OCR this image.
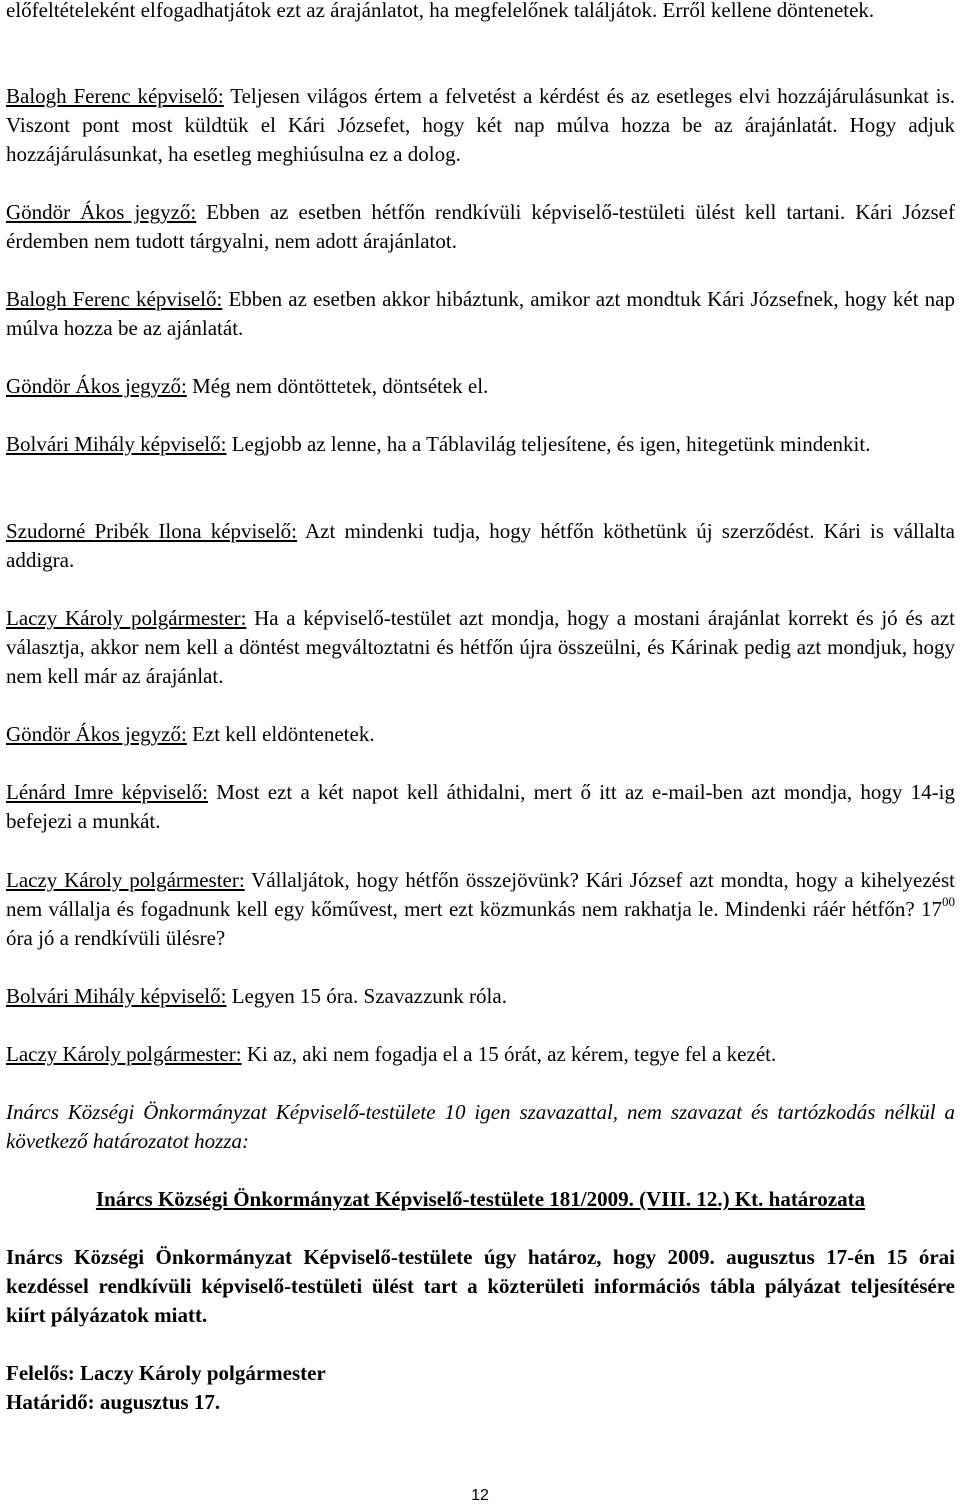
előfeltételeként elfogadhatjátok ezt az árajánlatot, ha megfelelőnek találjátok. Erről kellene döntenetek.

Balogh Ferenc képviselő: Teljesen világos értem a felvetést a kérdést és az esetleges elvi hozzájárulásunkat is. Viszont pont most küldtük el Kári Józsefet, hogy két nap múlva hozza be az árajánlatát. Hogy adjuk hozzájárulásunkat, ha esetleg meghiúsulna ez a dolog.

Göndör Ákos jegyző: Ebben az esetben hétfőn rendkívüli képviselő-testületi ülést kell tartani. Kári József érdemben nem tudott tárgyalni, nem adott árajánlatot.

Balogh Ferenc képviselő: Ebben az esetben akkor hibáztunk, amikor azt mondtuk Kári Józsefnek, hogy két nap múlva hozza be az ajánlatát.

Göndör Ákos jegyző: Még nem döntöttetek, döntsétek el.

Bolvári Mihály képviselő: Legjobb az lenne, ha a Táblavilág teljesítene, és igen, hitegetünk mindenkit.

Szudorné Pribék Ilona képviselő: Azt mindenki tudja, hogy hétfőn köthetünk új szerződést. Kári is vállalta addigra.

Laczy Károly polgármester: Ha a képviselő-testület azt mondja, hogy a mostani árajánlat korrekt és jó és azt választja, akkor nem kell a döntést megváltoztatni és hétfőn újra összeülni, és Kárinak pedig azt mondjuk, hogy nem kell már az árajánlat.

Göndör Ákos jegyző: Ezt kell eldöntenetek.

Lénárd Imre képviselő: Most ezt a két napot kell áthidalni, mert ő itt az e-mail-ben azt mondja, hogy 14-ig befejezi a munkát.

Laczy Károly polgármester: Vállaljátok, hogy hétfőn összejövünk? Kári József azt mondta, hogy a kihelyezést nem vállalja és fogadnunk kell egy kőművest, mert ezt közmunkás nem rakhatja le. Mindenki ráér hétfőn? $17^{00}$ óra jó a rendkívüli ülésre?

Bolvári Mihály képviselő: Legyen 15 óra. Szavazzunk róla.

Laczy Károly polgármester: Ki az, aki nem fogadja el a 15 órát, az kérem, tegye fel a kezét.

Inárcs Községi Önkormányzat Képviselő-testülete 10 igen szavazattal, nem szavazat és tartózkodás nélkül a következő határozatot hozza:

Inárcs Községi Önkormányzat Képviselő-testülete 181/2009. (VIII. 12.) Kt. határozata

Inárcs Községi Önkormányzat Képviselő-testülete úgy határoz, hogy 2009. augusztus 17-én 15 órai kezdéssel rendkívüli képviselő-testületi ülést tart a közterületi információs tábla pályázat teljesítésére kiírt pályázatok miatt.

Felelős: Laczy Károly polgármester

Határidő: augusztus 17.

12
